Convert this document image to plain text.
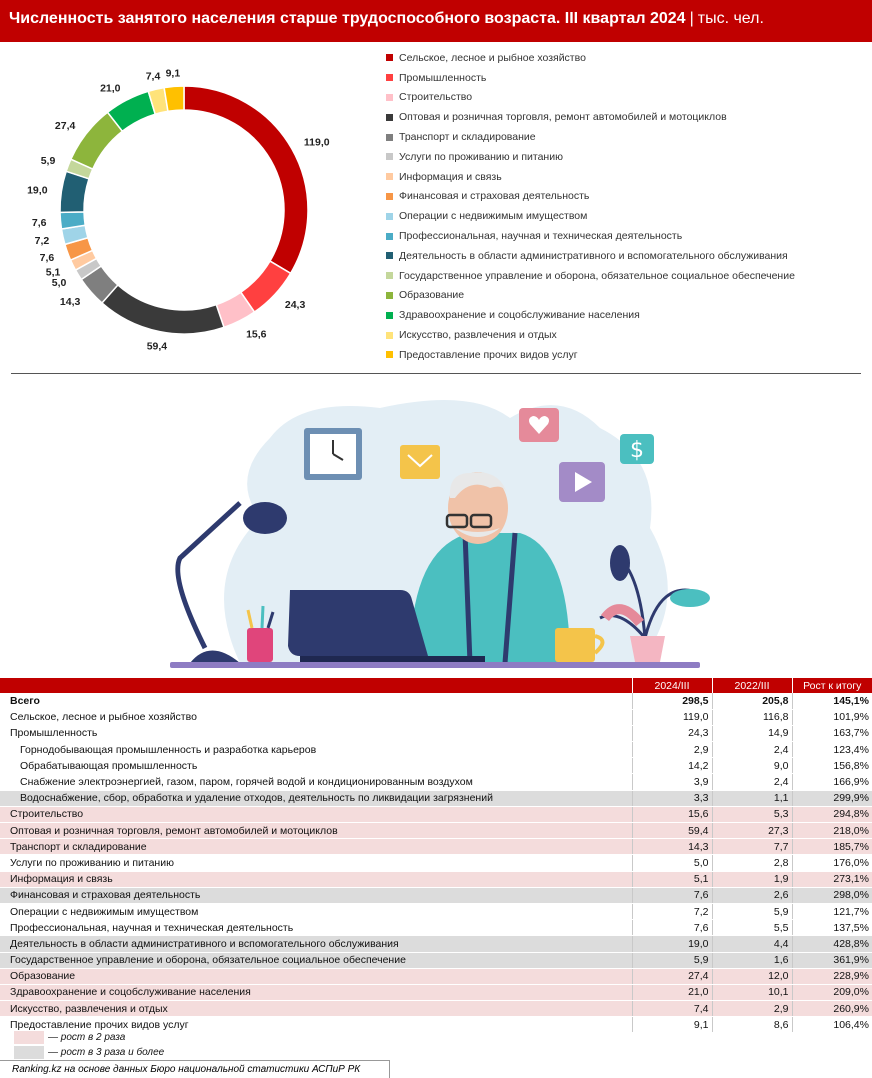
Численность занятого населения старше трудоспособного возраста. III квартал 2024 | тыс. чел.
119,0
24,3
15,6
59,4
14,3
5,0
5,1
7,6
7,2
7,6
19,0
5,9
27,4
21,0
7,4 9,1
Сельское, лесное и рыбное хозяйство
Промышленность
Строительство
Оптовая и розничная торговля, ремонт автомобилей и мотоциклов
Транспорт и складирование
Услуги по проживанию и питанию
Информация и связь
Финансовая и страховая деятельность
Операции с недвижимым имуществом
Профессиональная, научная и техническая деятельность
Деятельность в области административного и вспомогательного обслуживания
Государственное управление и оборона, обязательное социальное обеспечение
Образование
Здравоохранение и соцобслуживание населения
Искусство, развлечения и отдых
Предоставление прочих видов услуг
$
	2024/III	2022/III	Рост к итогу
Всего	298,5	205,8	145,1%
Сельское, лесное и рыбное хозяйство	119,0	116,8	101,9%
Промышленность	24,3	14,9	163,7%
Горнодобывающая промышленность и разработка карьеров	2,9	2,4	123,4%
Обрабатывающая промышленность	14,2	9,0	156,8%
Снабжение электроэнергией, газом, паром, горячей водой и кондиционированным воздухом	3,9	2,4	166,9%
Водоснабжение, сбор, обработка и удаление отходов, деятельность по ликвидации загрязнений	3,3	1,1	299,9%
Строительство	15,6	5,3	294,8%
Оптовая и розничная торговля, ремонт автомобилей и мотоциклов	59,4	27,3	218,0%
Транспорт и складирование	14,3	7,7	185,7%
Услуги по проживанию и питанию	5,0	2,8	176,0%
Информация и связь	5,1	1,9	273,1%
Финансовая и страховая деятельность	7,6	2,6	298,0%
Операции с недвижимым имуществом	7,2	5,9	121,7%
Профессиональная, научная и техническая деятельность	7,6	5,5	137,5%
Деятельность в области административного и вспомогательного обслуживания	19,0	4,4	428,8%
Государственное управление и оборона, обязательное социальное обеспечение	5,9	1,6	361,9%
Образование	27,4	12,0	228,9%
Здравоохранение и соцобслуживание населения	21,0	10,1	209,0%
Искусство, развлечения и отдых	7,4	2,9	260,9%
Предоставление прочих видов услуг	9,1	8,6	106,4%
— рост в 2 раза
— рост в 3 раза и более
Ranking.kz на основе данных Бюро национальной статистики АСПиР РК
